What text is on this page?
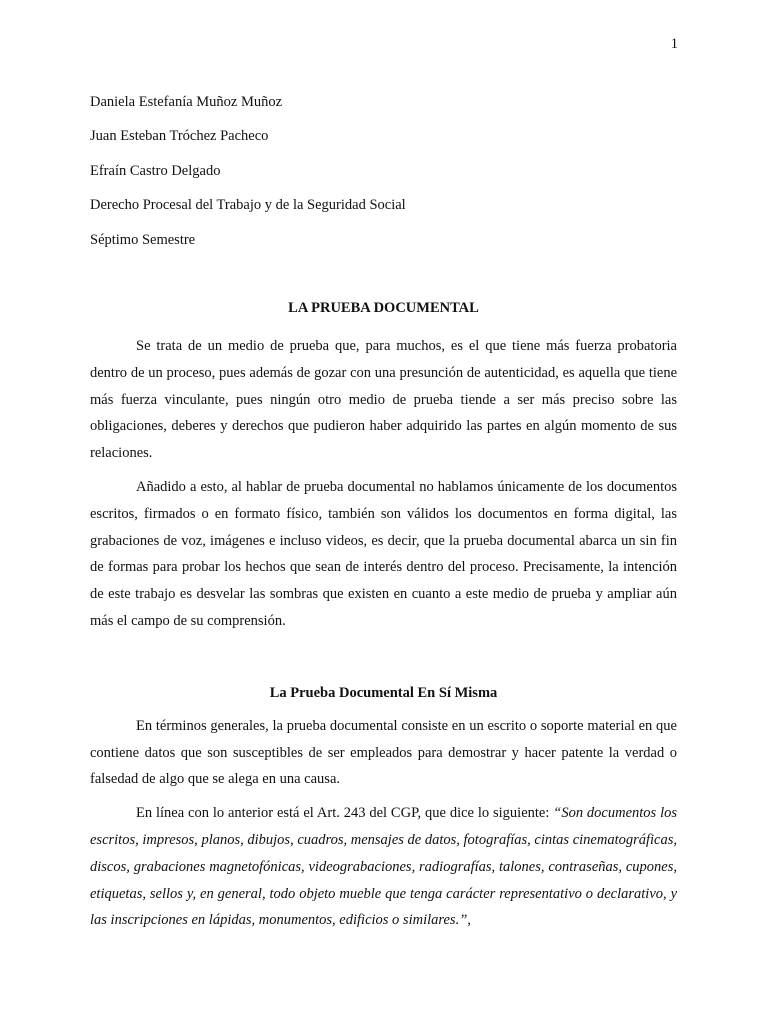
1
Daniela Estefanía Muñoz Muñoz
Juan Esteban Tróchez Pacheco
Efraín Castro Delgado
Derecho Procesal del Trabajo y de la Seguridad Social
Séptimo Semestre
LA PRUEBA DOCUMENTAL

Se trata de un medio de prueba que, para muchos, es el que tiene más fuerza probatoria dentro de un proceso, pues además de gozar con una presunción de autenticidad, es aquella que tiene más fuerza vinculante, pues ningún otro medio de prueba tiende a ser más preciso sobre las obligaciones, deberes y derechos que pudieron haber adquirido las partes en algún momento de sus relaciones.

Añadido a esto, al hablar de prueba documental no hablamos únicamente de los documentos escritos, firmados o en formato físico, también son válidos los documentos en forma digital, las grabaciones de voz, imágenes e incluso videos, es decir, que la prueba documental abarca un sin fin de formas para probar los hechos que sean de interés dentro del proceso. Precisamente, la intención de este trabajo es desvelar las sombras que existen en cuanto a este medio de prueba y ampliar aún más el campo de su comprensión.

La Prueba Documental En Sí Misma

En términos generales, la prueba documental consiste en un escrito o soporte material en que contiene datos que son susceptibles de ser empleados para demostrar y hacer patente la verdad o falsedad de algo que se alega en una causa.

En línea con lo anterior está el Art. 243 del CGP, que dice lo siguiente: “Son documentos los escritos, impresos, planos, dibujos, cuadros, mensajes de datos, fotografías, cintas cinematográficas, discos, grabaciones magnetofónicas, videograbaciones, radiografías, talones, contraseñas, cupones, etiquetas, sellos y, en general, todo objeto mueble que tenga carácter representativo o declarativo, y las inscripciones en lápidas, monumentos, edificios o similares.”,
